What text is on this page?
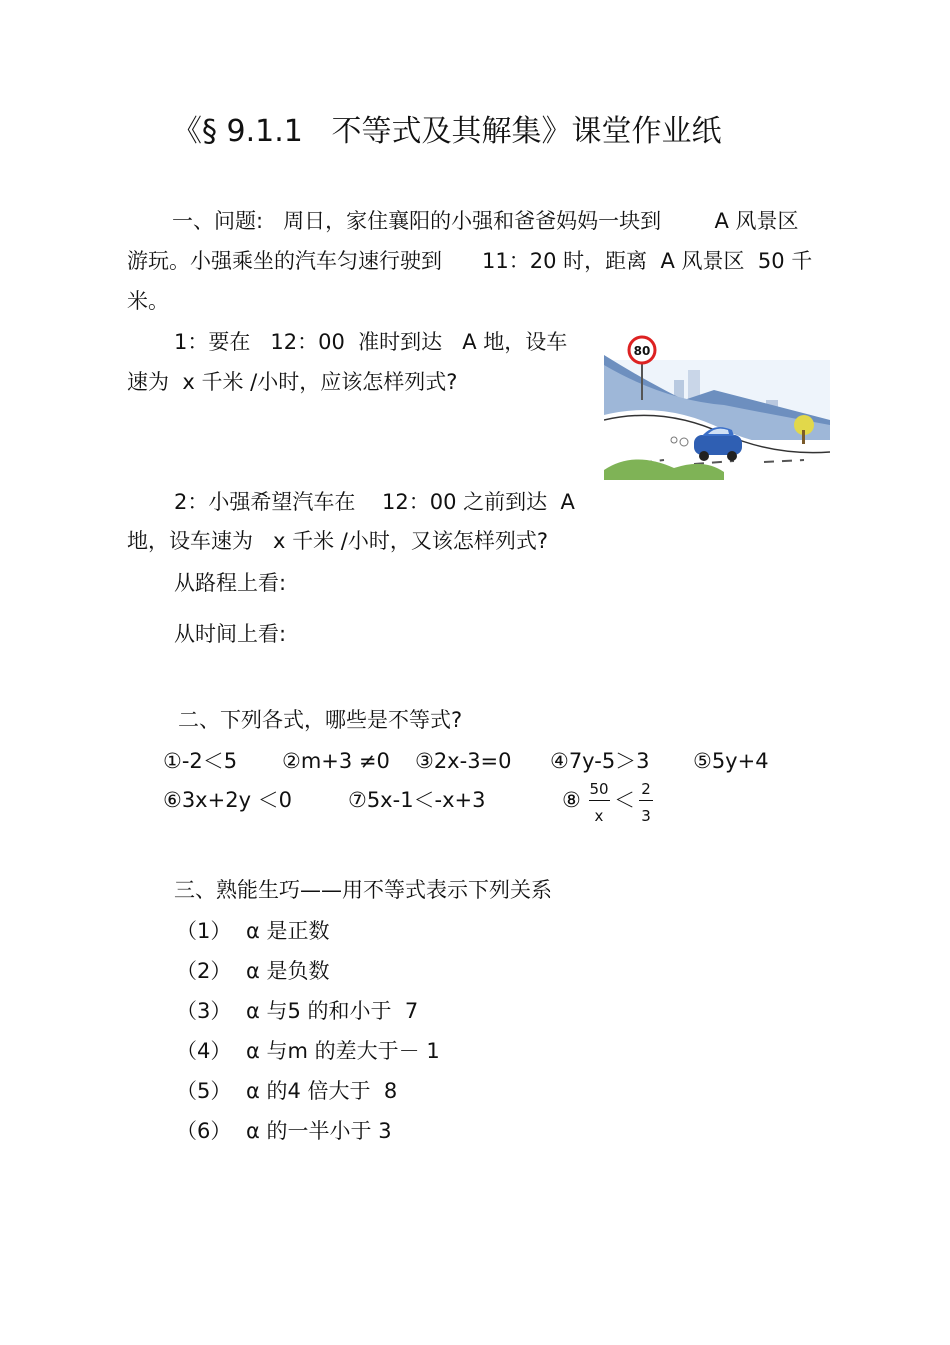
《§ 9.1.1   不等式及其解集》课堂作业纸
一、问题:   周日，家住襄阳的小强和爸爸妈妈一块到        A 风景区
游玩。小强乘坐的汽车匀速行驶到      11：20 时，距离  A 风景区  50 千
米。
1：要在   12：00  准时到达   A 地，设车
速为  x 千米 /小时，应该怎样列式?
80
2：小强希望汽车在    12：00 之前到达  A
地，设车速为   x 千米 /小时，又该怎样列式?
从路程上看:
从时间上看:
二、下列各式，哪些是不等式?
①-2＜5 ②m+3 ≠0 ③2x-3=0 ④7y-5＞3 ⑤5y+4
⑥3x+2y ＜0	⑦5x-1＜-x+3	⑧ 50
x
＜ 2
3
三、熟能生巧——用不等式表示下列关系
（1） α 是正数
（2） α 是负数
（3） α 与5 的和小于  7
（4） α 与m 的差大于－ 1
（5） α 的4 倍大于  8
（6） α 的一半小于 3
